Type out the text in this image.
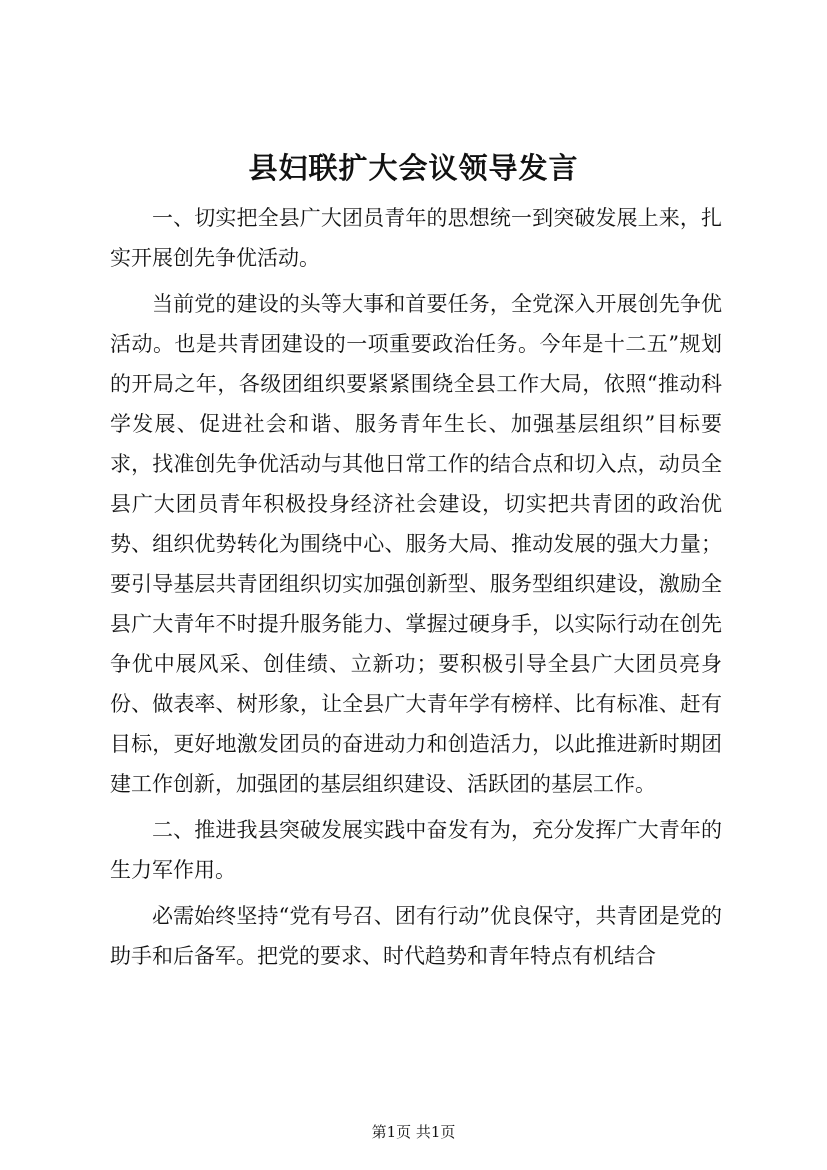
县妇联扩大会议领导发言

一、切实把全县广大团员青年的思想统一到突破发展上来，扎实开展创先争优活动。

当前党的建设的头等大事和首要任务，全党深入开展创先争优活动。也是共青团建设的一项重要政治任务。今年是十二五”规划的开局之年，各级团组织要紧紧围绕全县工作大局，依照“推动科学发展、促进社会和谐、服务青年生长、加强基层组织”目标要求，找准创先争优活动与其他日常工作的结合点和切入点，动员全县广大团员青年积极投身经济社会建设，切实把共青团的政治优势、组织优势转化为围绕中心、服务大局、推动发展的强大力量；要引导基层共青团组织切实加强创新型、服务型组织建设，激励全县广大青年不时提升服务能力、掌握过硬身手，以实际行动在创先争优中展风采、创佳绩、立新功；要积极引导全县广大团员亮身份、做表率、树形象，让全县广大青年学有榜样、比有标准、赶有目标，更好地激发团员的奋进动力和创造活力，以此推进新时期团建工作创新，加强团的基层组织建设、活跃团的基层工作。

二、推进我县突破发展实践中奋发有为，充分发挥广大青年的生力军作用。

必需始终坚持“党有号召、团有行动”优良保守，共青团是党的助手和后备军。把党的要求、时代趋势和青年特点有机结合

第1页 共1页
